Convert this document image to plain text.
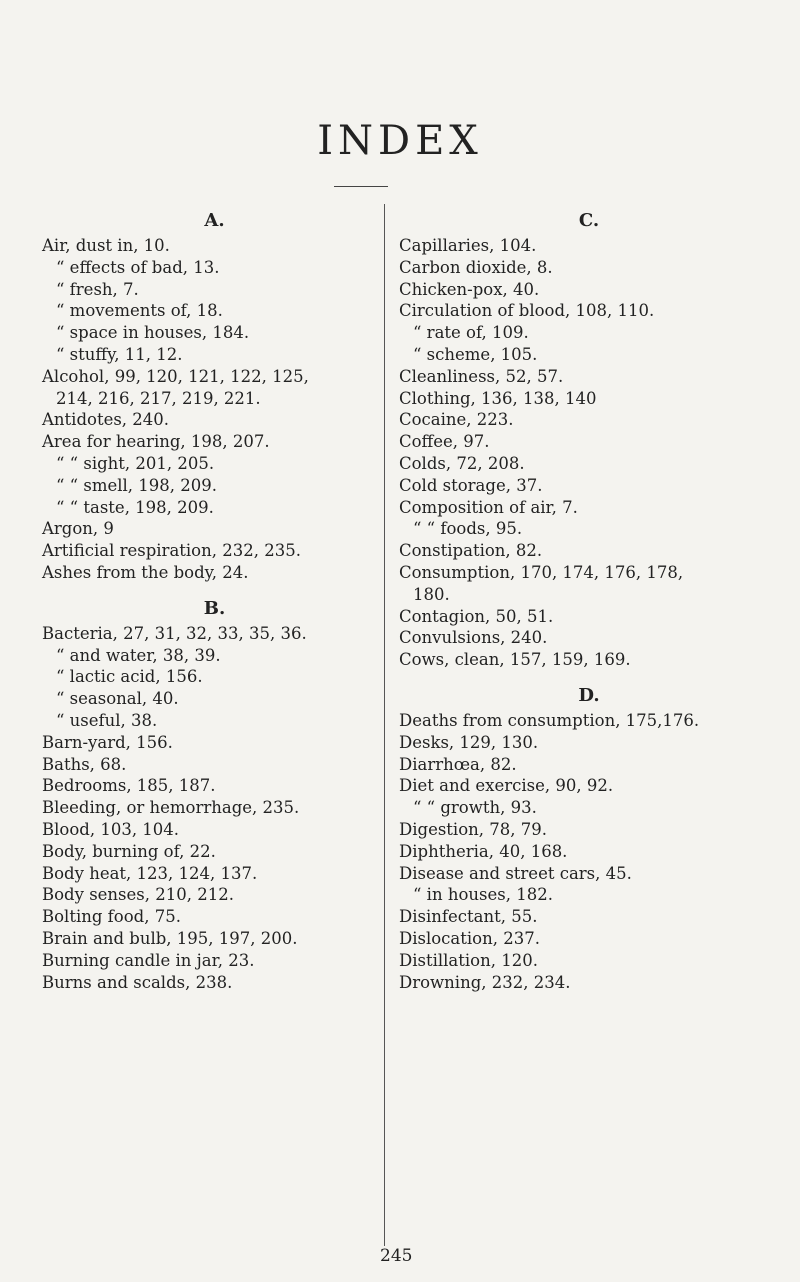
INDEX
A.
Air, dust in, 10.
“ effects of bad, 13.
“ fresh, 7.
“ movements of, 18.
“ space in houses, 184.
“ stuffy, 11, 12.
Alcohol, 99, 120, 121, 122, 125,
214, 216, 217, 219, 221.
Antidotes, 240.
Area for hearing, 198, 207.
“ “ sight, 201, 205.
“ “ smell, 198, 209.
“ “ taste, 198, 209.
Argon, 9
Artificial respiration, 232, 235.
Ashes from the body, 24.
B.
Bacteria, 27, 31, 32, 33, 35, 36.
“ and water, 38, 39.
“ lactic acid, 156.
“ seasonal, 40.
“ useful, 38.
Barn-yard, 156.
Baths, 68.
Bedrooms, 185, 187.
Bleeding, or hemorrhage, 235.
Blood, 103, 104.
Body, burning of, 22.
Body heat, 123, 124, 137.
Body senses, 210, 212.
Bolting food, 75.
Brain and bulb, 195, 197, 200.
Burning candle in jar, 23.
Burns and scalds, 238.
C.
Capillaries, 104.
Carbon dioxide, 8.
Chicken-pox, 40.
Circulation of blood, 108, 110.
“ rate of, 109.
“ scheme, 105.
Cleanliness, 52, 57.
Clothing, 136, 138, 140
Cocaine, 223.
Coffee, 97.
Colds, 72, 208.
Cold storage, 37.
Composition of air, 7.
“ “ foods, 95.
Constipation, 82.
Consumption, 170, 174, 176, 178,
180.
Contagion, 50, 51.
Convulsions, 240.
Cows, clean, 157, 159, 169.
D.
Deaths from consumption, 175,176.
Desks, 129, 130.
Diarrhœa, 82.
Diet and exercise, 90, 92.
“ “ growth, 93.
Digestion, 78, 79.
Diphtheria, 40, 168.
Disease and street cars, 45.
“ in houses, 182.
Disinfectant, 55.
Dislocation, 237.
Distillation, 120.
Drowning, 232, 234.
245
